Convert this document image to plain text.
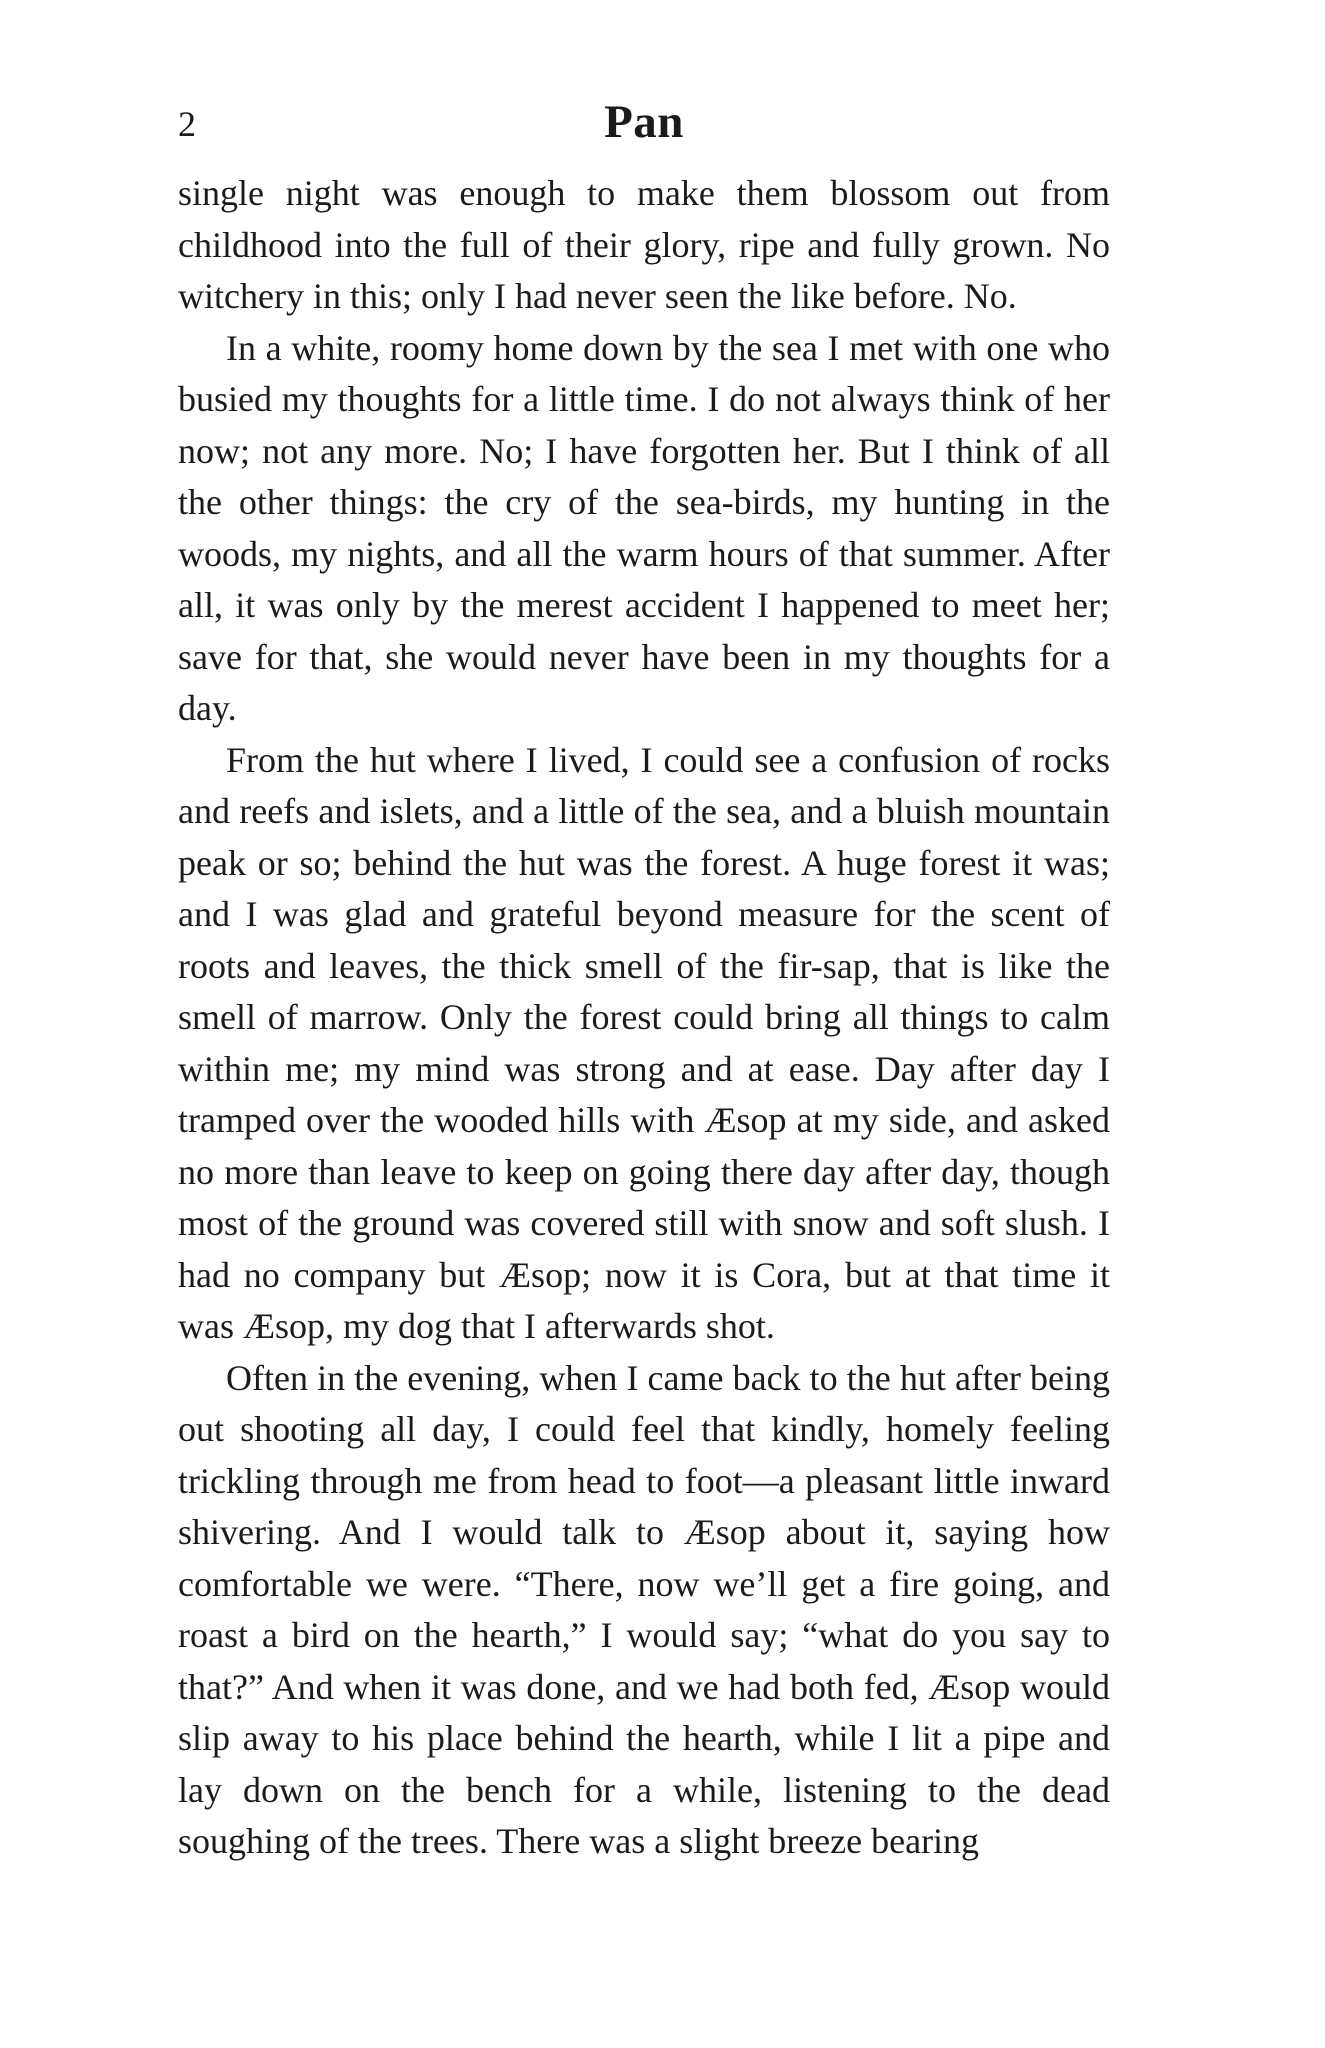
2	Pan

single night was enough to make them blossom out from childhood into the full of their glory, ripe and fully grown. No witchery in this; only I had never seen the like before. No.

In a white, roomy home down by the sea I met with one who busied my thoughts for a little time. I do not always think of her now; not any more. No; I have forgotten her. But I think of all the other things: the cry of the sea-birds, my hunting in the woods, my nights, and all the warm hours of that summer. After all, it was only by the merest accident I happened to meet her; save for that, she would never have been in my thoughts for a day.

From the hut where I lived, I could see a confusion of rocks and reefs and islets, and a little of the sea, and a bluish mountain peak or so; behind the hut was the forest. A huge forest it was; and I was glad and grateful beyond measure for the scent of roots and leaves, the thick smell of the fir-sap, that is like the smell of marrow. Only the forest could bring all things to calm within me; my mind was strong and at ease. Day after day I tramped over the wooded hills with Æsop at my side, and asked no more than leave to keep on going there day after day, though most of the ground was covered still with snow and soft slush. I had no company but Æsop; now it is Cora, but at that time it was Æsop, my dog that I afterwards shot.

Often in the evening, when I came back to the hut after being out shooting all day, I could feel that kindly, homely feeling trickling through me from head to foot—a pleasant little inward shivering. And I would talk to Æsop about it, saying how comfortable we were. “There, now we’ll get a fire going, and roast a bird on the hearth,” I would say; “what do you say to that?” And when it was done, and we had both fed, Æsop would slip away to his place behind the hearth, while I lit a pipe and lay down on the bench for a while, listening to the dead soughing of the trees. There was a slight breeze bearing
